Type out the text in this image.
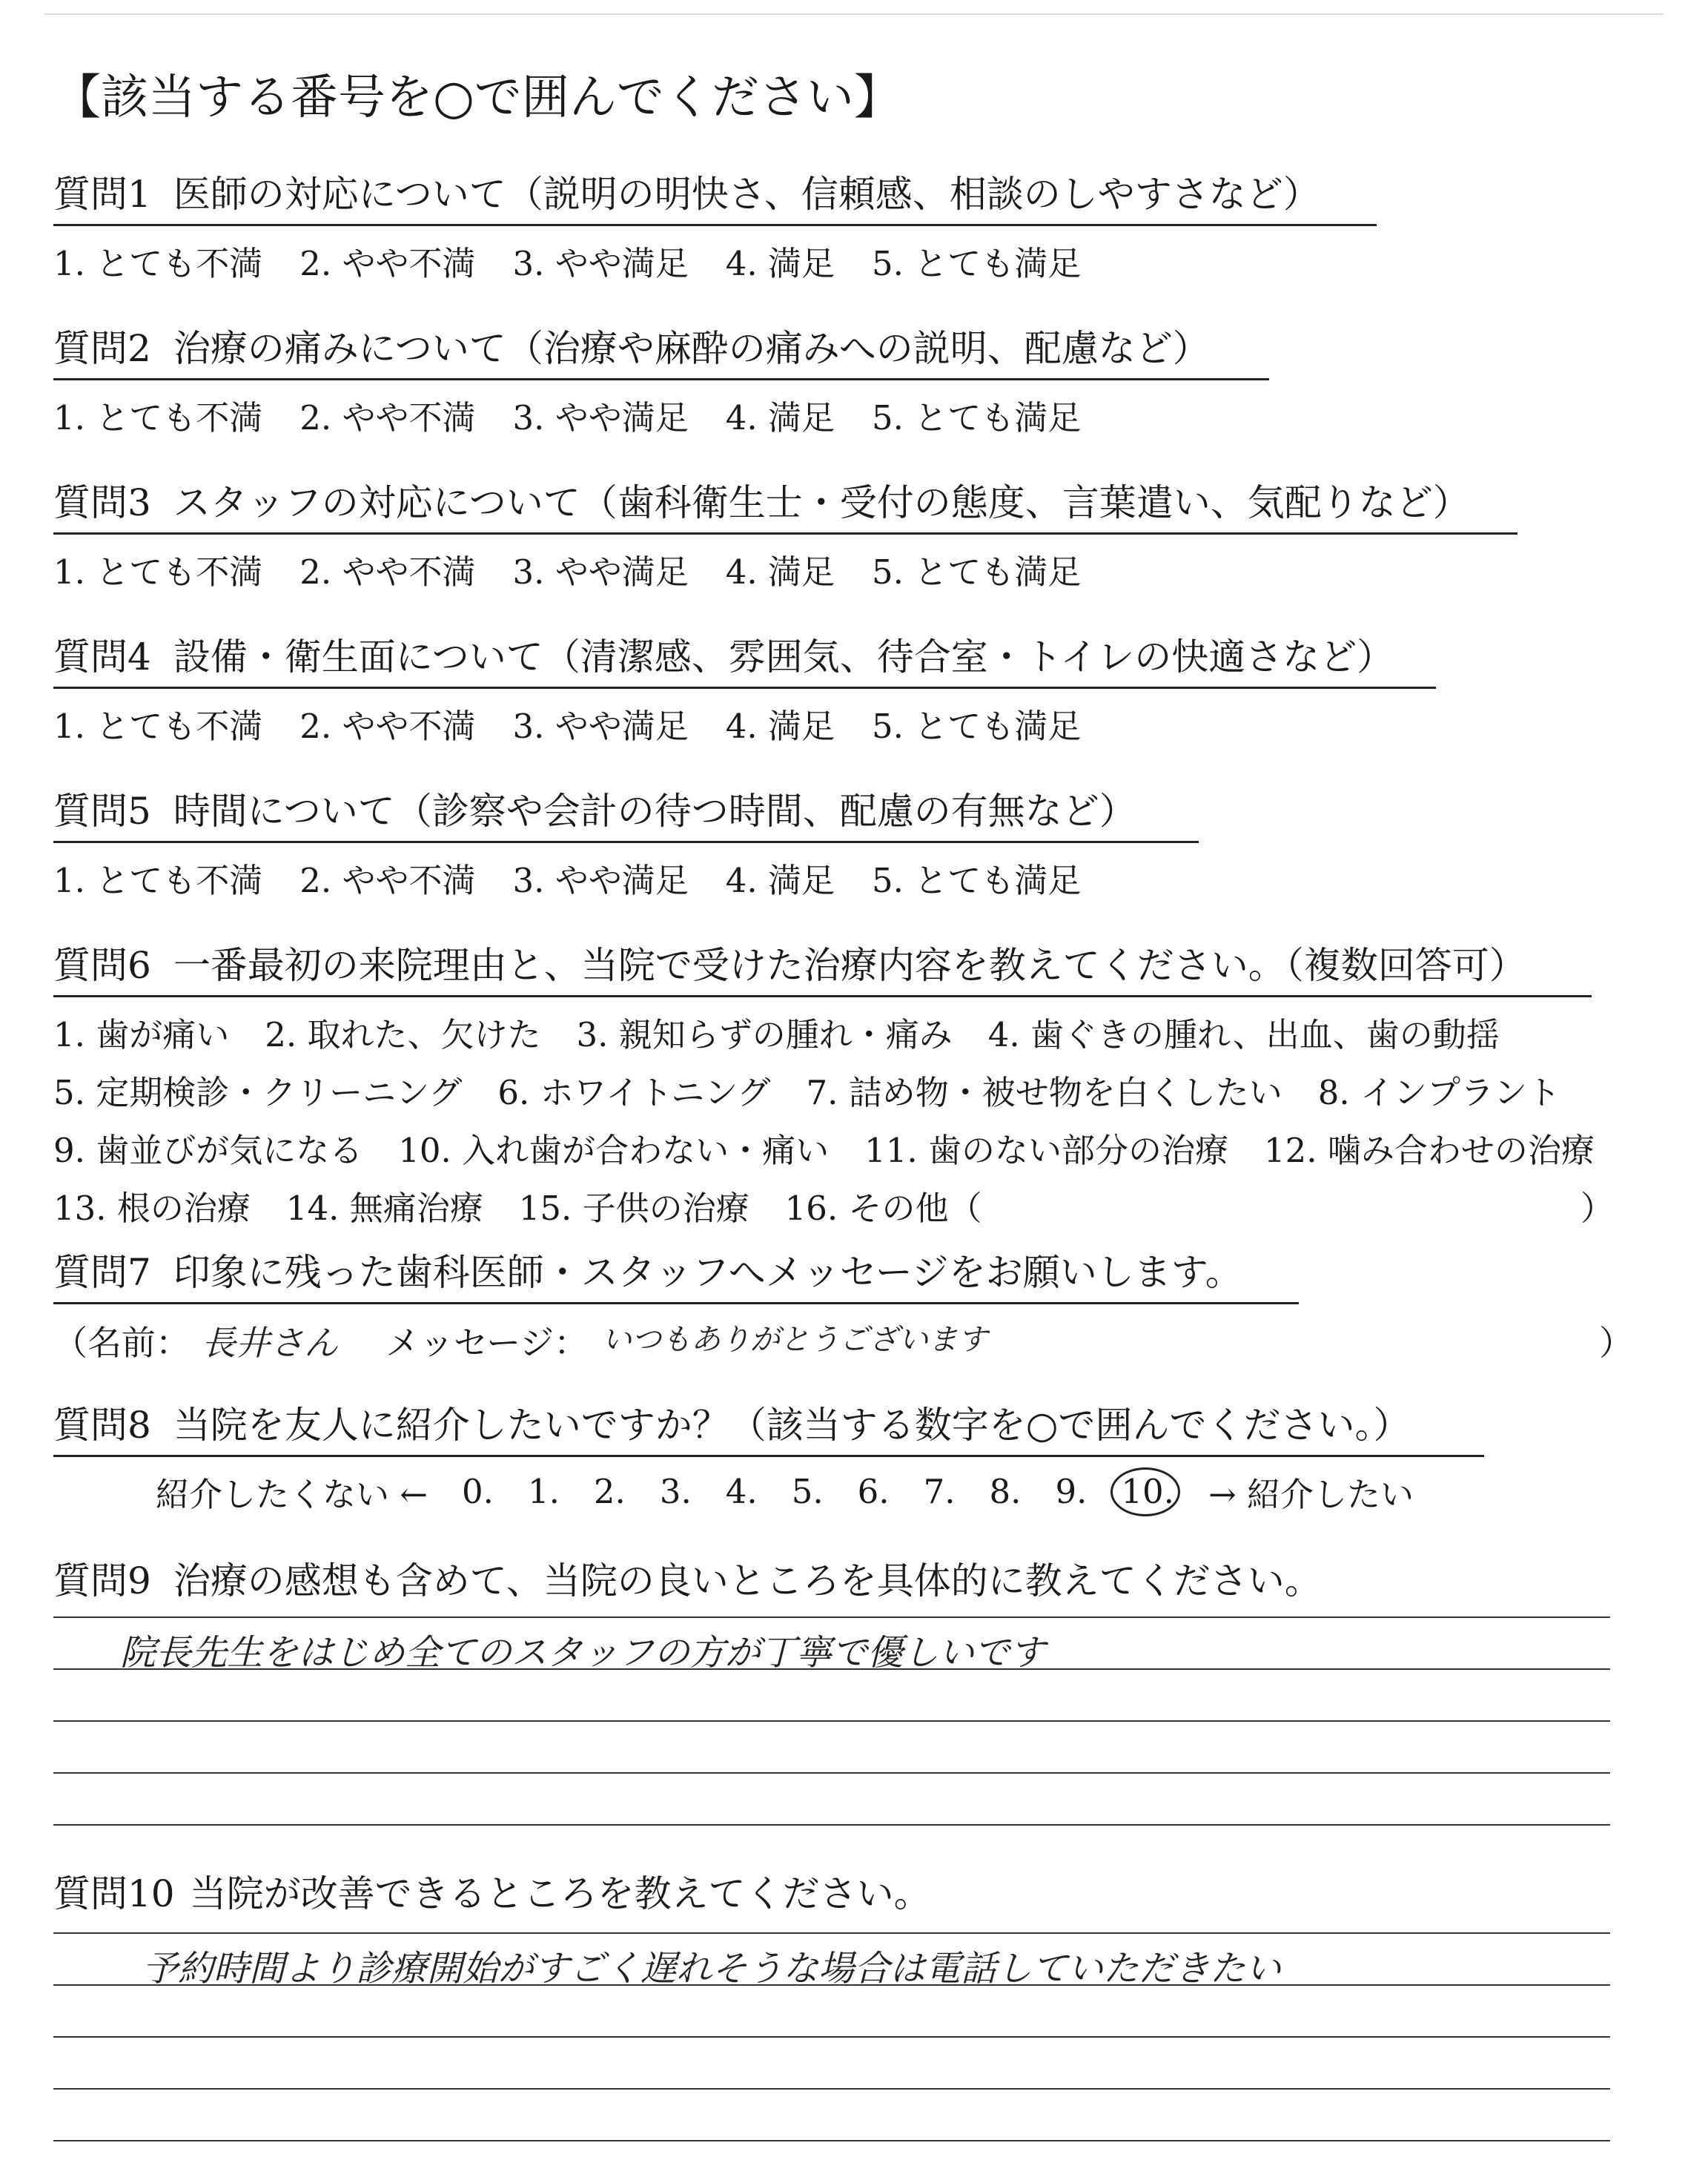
【該当する番号を○で囲んでください】
質問1 医師の対応について（説明の明快さ、信頼感、相談のしやすさなど）
1. とても不満 2. やや不満 3. やや満足 4. 満足 5. とても満足
質問2 治療の痛みについて（治療や麻酔の痛みへの説明、配慮など）
1. とても不満 2. やや不満 3. やや満足 4. 満足 5. とても満足
質問3 スタッフの対応について（歯科衛生士・受付の態度、言葉遣い、気配りなど）
1. とても不満 2. やや不満 3. やや満足 4. 満足 5. とても満足
質問4 設備・衛生面について（清潔感、雰囲気、待合室・トイレの快適さなど）
1. とても不満 2. やや不満 3. やや満足 4. 満足 5. とても満足
質問5 時間について（診察や会計の待つ時間、配慮の有無など）
1. とても不満 2. やや不満 3. やや満足 4. 満足 5. とても満足
質問6 一番最初の来院理由と、当院で受けた治療内容を教えてください。（複数回答可）
1. 歯が痛い 2. 取れた、欠けた 3. 親知らずの腫れ・痛み 4. 歯ぐきの腫れ、出血、歯の動揺
5. 定期検診・クリーニング 6. ホワイトニング 7. 詰め物・被せ物を白くしたい 8. インプラント
9. 歯並びが気になる 10. 入れ歯が合わない・痛い 11. 歯のない部分の治療 12. 噛み合わせの治療
13. 根の治療 14. 無痛治療 15. 子供の治療 16. その他（	）
質問7 印象に残った歯科医師・スタッフへメッセージをお願いします。
（名前： 長井さん メッセージ： いつもありがとうございます	）
質問8 当院を友人に紹介したいですか？（該当する数字を○で囲んでください。）
紹介したくない ← 0. 1. 2. 3. 4. 5. 6. 7. 8. 9. 10. → 紹介したい
質問9 治療の感想も含めて、当院の良いところを具体的に教えてください。
院長先生をはじめ全てのスタッフの方が丁寧で優しいです
質問10 当院が改善できるところを教えてください。
予約時間より診療開始がすごく遅れそうな場合は電話していただきたい
